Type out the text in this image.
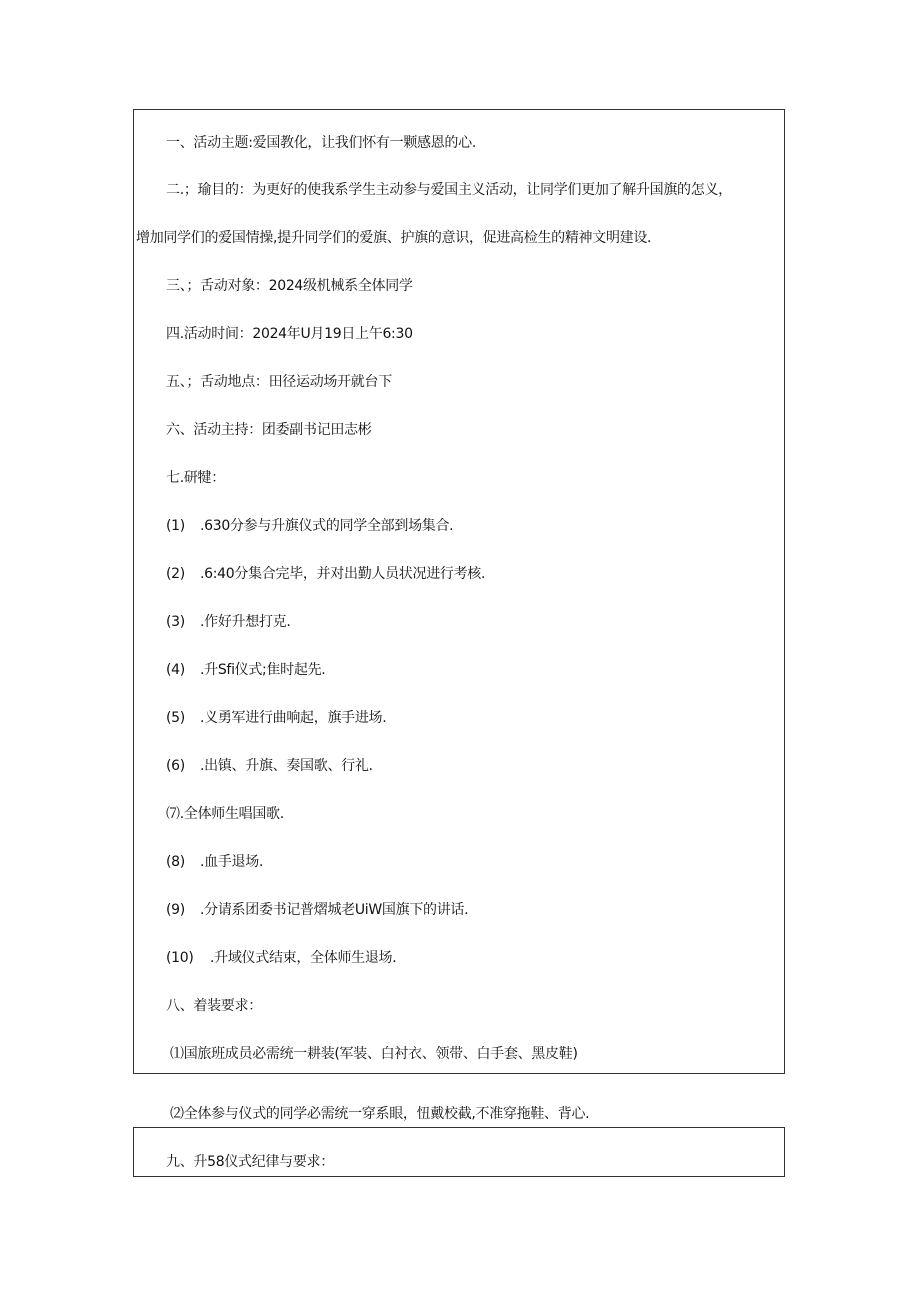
一、活动主题:爱国教化，让我们怀有一颗感恩的心.
二.；瑜目的：为更好的使我系学生主动参与爱国主义活动，让同学们更加了解升国旗的怎义，
增加同学们的爱国情操,提升同学们的爱旗、护旗的意识，促进高检生的精神文明建设.
三、；舌动对象：2024级机械系全体同学
四.活动时间：2024年U月19日上午6:30
五、；舌动地点：田径运动场开就台下
六、活动主持：团委副书记田志彬
七.研犍：
(1) .630分参与升旗仪式的同学全部到场集合.
(2) .6:40分集合完毕，并对出勤人员状况进行考核.
(3) .作好升想打克.
(4) .升Sfi仪式;隹时起先.
(5) .义勇军进行曲响起，旗手进场.
(6) .出镇、升旗、奏国歌、行礼.
⑺.全体师生唱国歌.
(8) .血手退场.
(9) .分请系团委书记普熠城老UiW国旗下的讲话.
(10) .升域仪式结束，全体师生退场.
八、着装要求：
⑴国旅班成员必需统一耕装(军装、白衬衣、领带、白手套、黑皮鞋)
⑵全体参与仪式的同学必需统一穿系眼，忸戴校截,不准穿拖鞋、背心.
九、升58仪式纪律与要求：
